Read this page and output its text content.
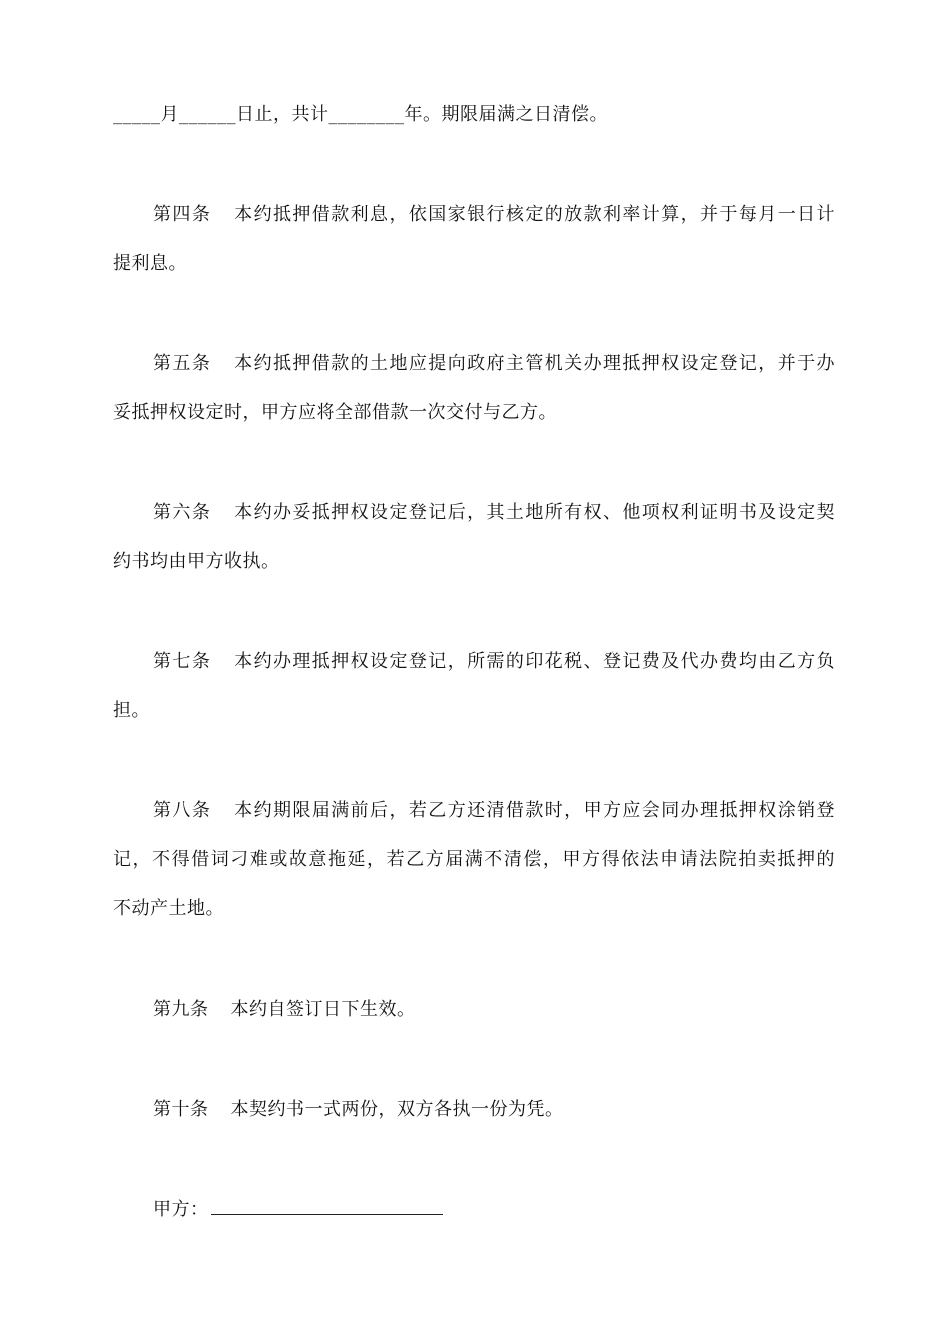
_____月______日止，共计________年。期限届满之日清偿。
第四条 本约抵押借款利息，依国家银行核定的放款利率计算，并于每月一日计
提利息。
第五条 本约抵押借款的土地应提向政府主管机关办理抵押权设定登记，并于办
妥抵押权设定时，甲方应将全部借款一次交付与乙方。
第六条 本约办妥抵押权设定登记后，其土地所有权、他项权利证明书及设定契
约书均由甲方收执。
第七条 本约办理抵押权设定登记，所需的印花税、登记费及代办费均由乙方负
担。
第八条 本约期限届满前后，若乙方还清借款时，甲方应会同办理抵押权涂销登
记，不得借词刁难或故意拖延，若乙方届满不清偿，甲方得依法申请法院拍卖抵押的
不动产土地。
第九条 本约自签订日下生效。
第十条 本契约书一式两份，双方各执一份为凭。
甲方：
